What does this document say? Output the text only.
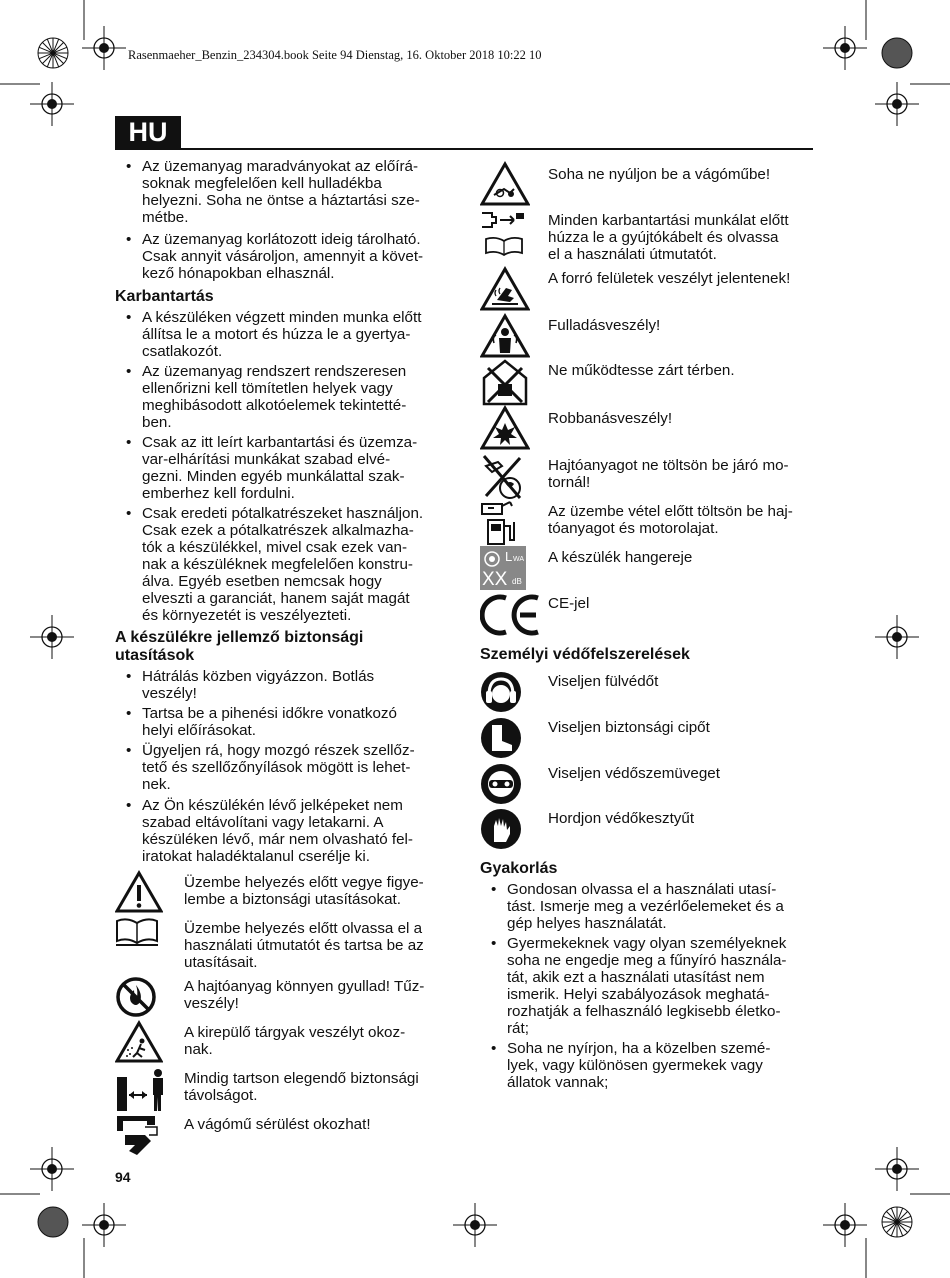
Rasenmaeher_Benzin_234304.book Seite 94 Dienstag, 16. Oktober 2018 10:22 10
HU
• Az üzemanyag maradványokat az előírá-
soknak megfelelően kell hulladékba
helyezni. Soha ne öntse a háztartási sze-
métbe.
• Az üzemanyag korlátozott ideig tárolható.
Csak annyit vásároljon, amennyit a követ-
kező hónapokban elhasznál.
Karbantartás
• A készüléken végzett minden munka előtt
állítsa le a motort és húzza le a gyertya-
csatlakozót.
• Az üzemanyag rendszert rendszeresen
ellenőrizni kell tömítetlen helyek vagy
meghibásodott alkotóelemek tekintetté-
ben.
• Csak az itt leírt karbantartási és üzemza-
var-elhárítási munkákat szabad elvé-
gezni. Minden egyéb munkálattal szak-
emberhez kell fordulni.
• Csak eredeti pótalkatrészeket használjon.
Csak ezek a pótalkatrészek alkalmazha-
tók a készülékkel, mivel csak ezek van-
nak a készüléknek megfelelően konstru-
álva. Egyéb esetben nemcsak hogy
elveszti a garanciát, hanem saját magát
és környezetét is veszélyezteti.
A készülékre jellemző biztonsági
utasítások
• Hátrálás közben vigyázzon. Botlás
veszély!
• Tartsa be a pihenési időkre vonatkozó
helyi előírásokat.
• Ügyeljen rá, hogy mozgó részek szellőz-
tető és szellőzőnyílások mögött is lehet-
nek.
• Az Ön készülékén lévő jelképeket nem
szabad eltávolítani vagy letakarni. A
készüléken lévő, már nem olvasható fel-
iratokat haladéktalanul cserélje ki.
Üzembe helyezés előtt vegye figye-
lembe a biztonsági utasításokat.
Üzembe helyezés előtt olvassa el a
használati útmutatót és tartsa be az
utasításait.
A hajtóanyag könnyen gyullad! Tűz-
veszély!
A kirepülő tárgyak veszélyt okoz-
nak.
Mindig tartson elegendő biztonsági
távolságot.
A vágómű sérülést okozhat!
94
Soha ne nyúljon be a vágóműbe!
Minden karbantartási munkálat előtt
húzza le a gyújtókábelt és olvassa
el a használati útmutatót.
A forró felületek veszélyt jelentenek!
Fulladásveszély!
Ne működtesse zárt térben.
Robbanásveszély!
Hajtóanyagot ne töltsön be járó mo-
tornál!
Az üzembe vétel előtt töltsön be haj-
tóanyagot és motorolajat.
L WA
XX dB
A készülék hangereje
CE-jel
Személyi védőfelszerelések
Viseljen fülvédőt
Viseljen biztonsági cipőt
Viseljen védőszemüveget
Hordjon védőkesztyűt
Gyakorlás
• Gondosan olvassa el a használati utasí-
tást. Ismerje meg a vezérlőelemeket és a
gép helyes használatát.
• Gyermekeknek vagy olyan személyeknek
soha ne engedje meg a fűnyíró használa-
tát, akik ezt a használati utasítást nem
ismerik. Helyi szabályozások meghatá-
rozhatják a felhasználó legkisebb életko-
rát;
• Soha ne nyírjon, ha a közelben szemé-
lyek, vagy különösen gyermekek vagy
állatok vannak;
